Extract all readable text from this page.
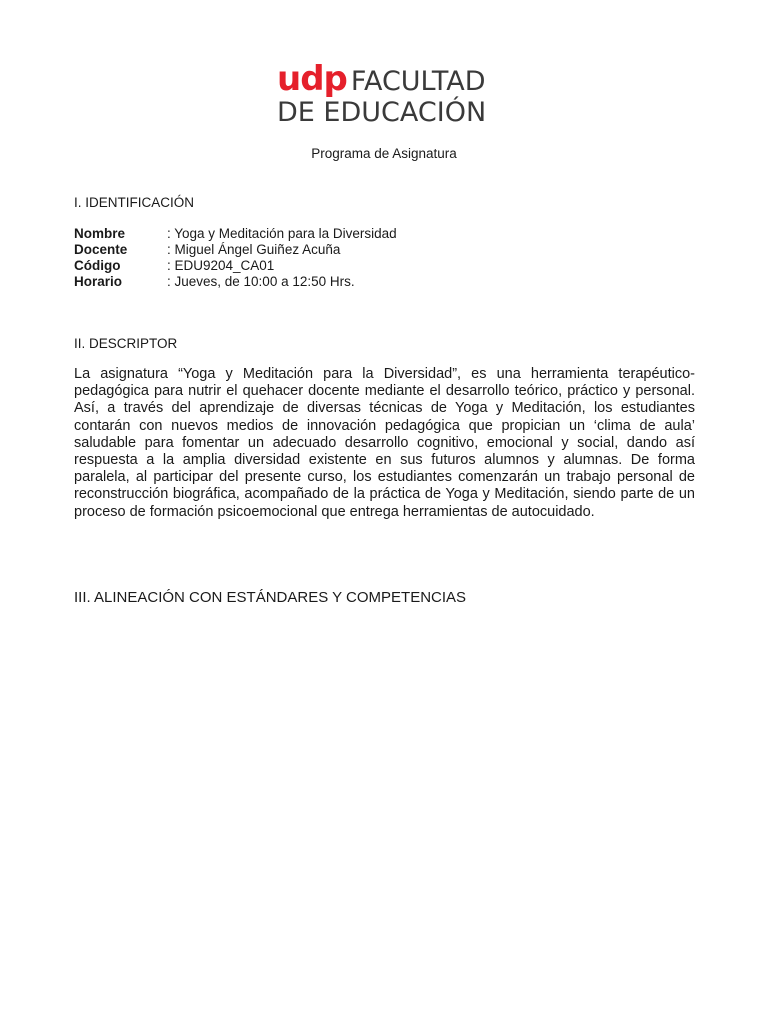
udp FACULTAD
DE EDUCACIÓN
Programa de Asignatura
I. IDENTIFICACIÓN
Nombre	: Yoga y Meditación para la Diversidad
Docente	: Miguel Ángel Guiñez Acuña
Código	: EDU9204_CA01
Horario	: Jueves, de 10:00 a 12:50 Hrs.
II. DESCRIPTOR

La asignatura “Yoga y Meditación para la Diversidad”, es una herramienta terapéutico-pedagógica para nutrir el quehacer docente mediante el desarrollo teórico, práctico y personal. Así, a través del aprendizaje de diversas técnicas de Yoga y Meditación, los estudiantes contarán con nuevos medios de innovación pedagógica que propician un ‘clima de aula’ saludable para fomentar un adecuado desarrollo cognitivo, emocional y social, dando así respuesta a la amplia diversidad existente en sus futuros alumnos y alumnas. De forma paralela, al participar del presente curso, los estudiantes comenzarán un trabajo personal de reconstrucción biográfica, acompañado de la práctica de Yoga y Meditación, siendo parte de un proceso de formación psicoemocional que entrega herramientas de autocuidado.

III. ALINEACIÓN CON ESTÁNDARES Y COMPETENCIAS
